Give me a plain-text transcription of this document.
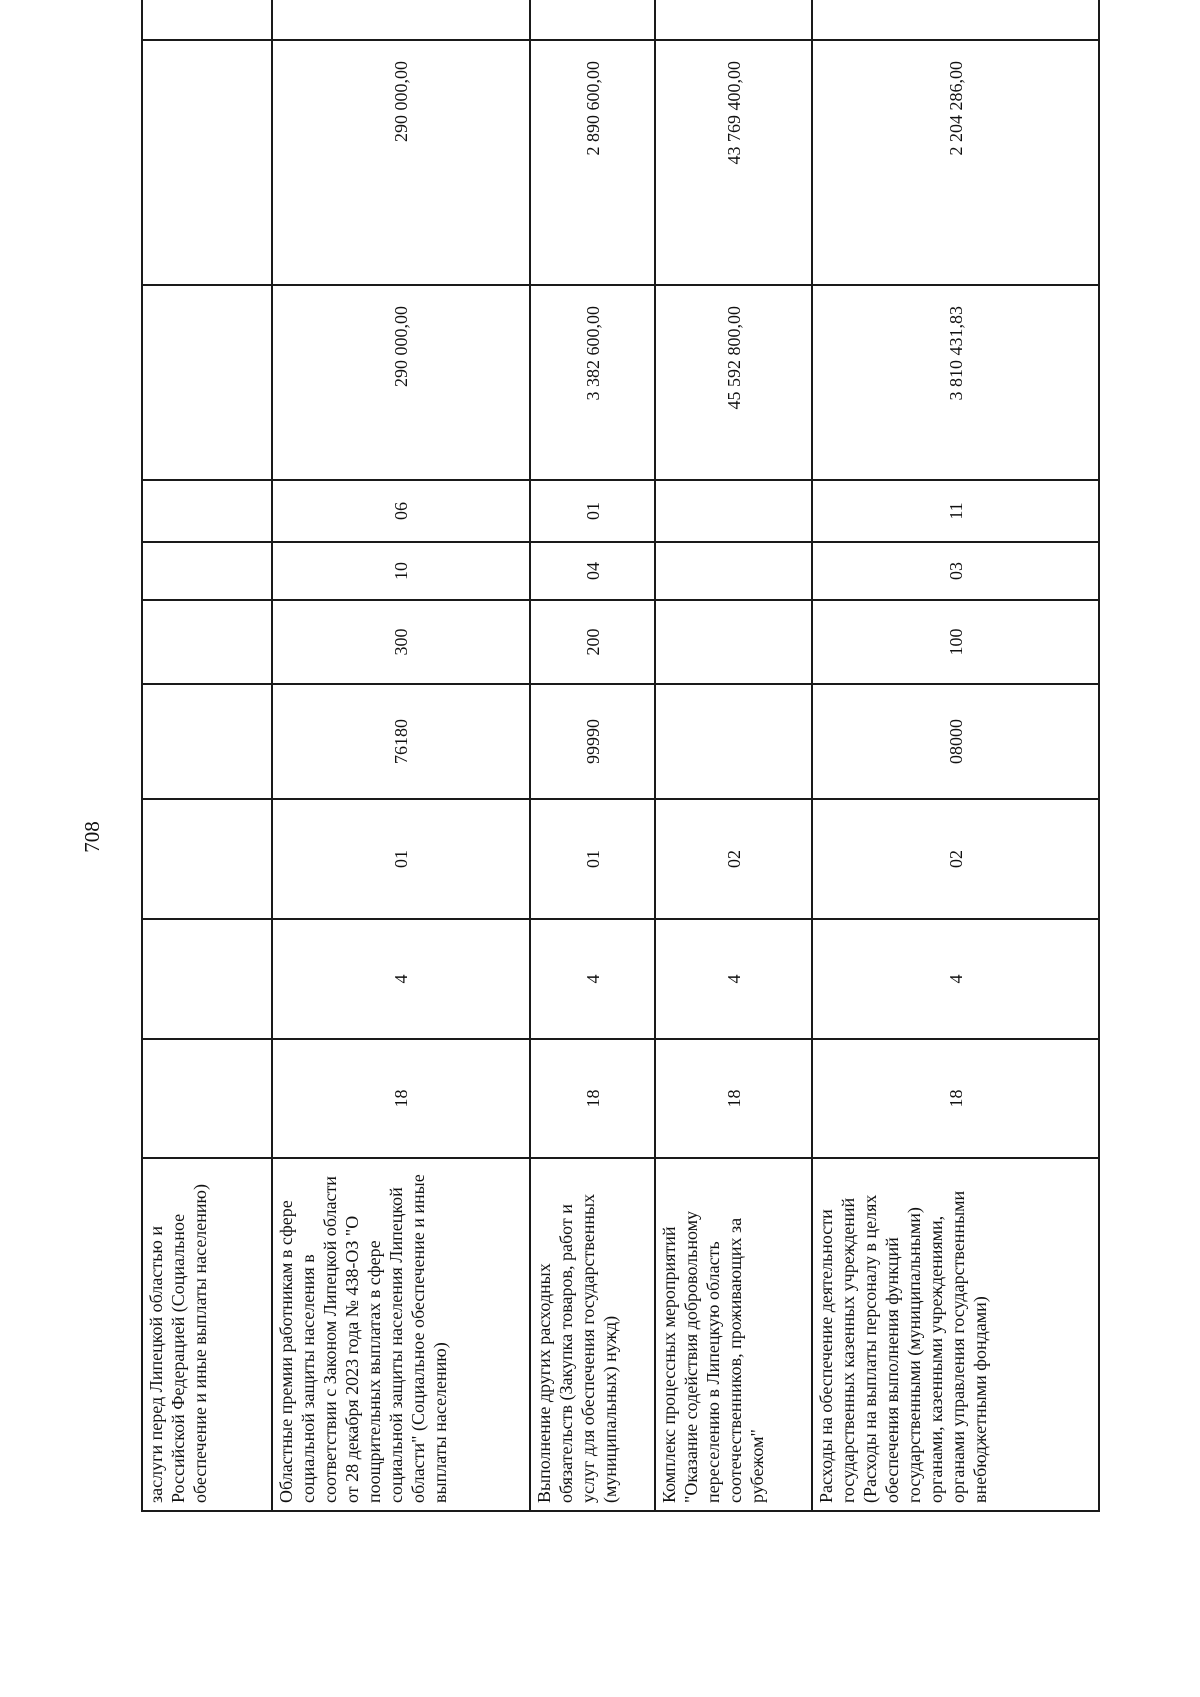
708
заслуги перед Липецкой областью и Российской Федерацией (Социальное обеспечение и иные выплаты населению)										
Областные премии работникам в сфере социальной защиты населения в соответствии с Законом Липецкой области от 28 декабря 2023 года № 438-ОЗ "О поощрительных выплатах в сфере социальной защиты населения Липецкой области" (Социальное обеспечение и иные выплаты населению)	18	4	01	76180	300	10	06	290 000,00	290 000,00	
Выполнение других расходных обязательств (Закупка товаров, работ и услуг для обеспечения государственных (муниципальных) нужд)	18	4	01	99990	200	04	01	3 382 600,00	2 890 600,00	
Комплекс процессных мероприятий "Оказание содействия добровольному переселению в Липецкую область соотечественников, проживающих за рубежом"	18	4	02					45 592 800,00	43 769 400,00	
Расходы на обеспечение деятельности государственных казенных учреждений (Расходы на выплаты персоналу в целях обеспечения выполнения функций государственными (муниципальными) органами, казенными учреждениями, органами управления государственными внебюджетными фондами)	18	4	02	08000	100	03	11	3 810 431,83	2 204 286,00	
